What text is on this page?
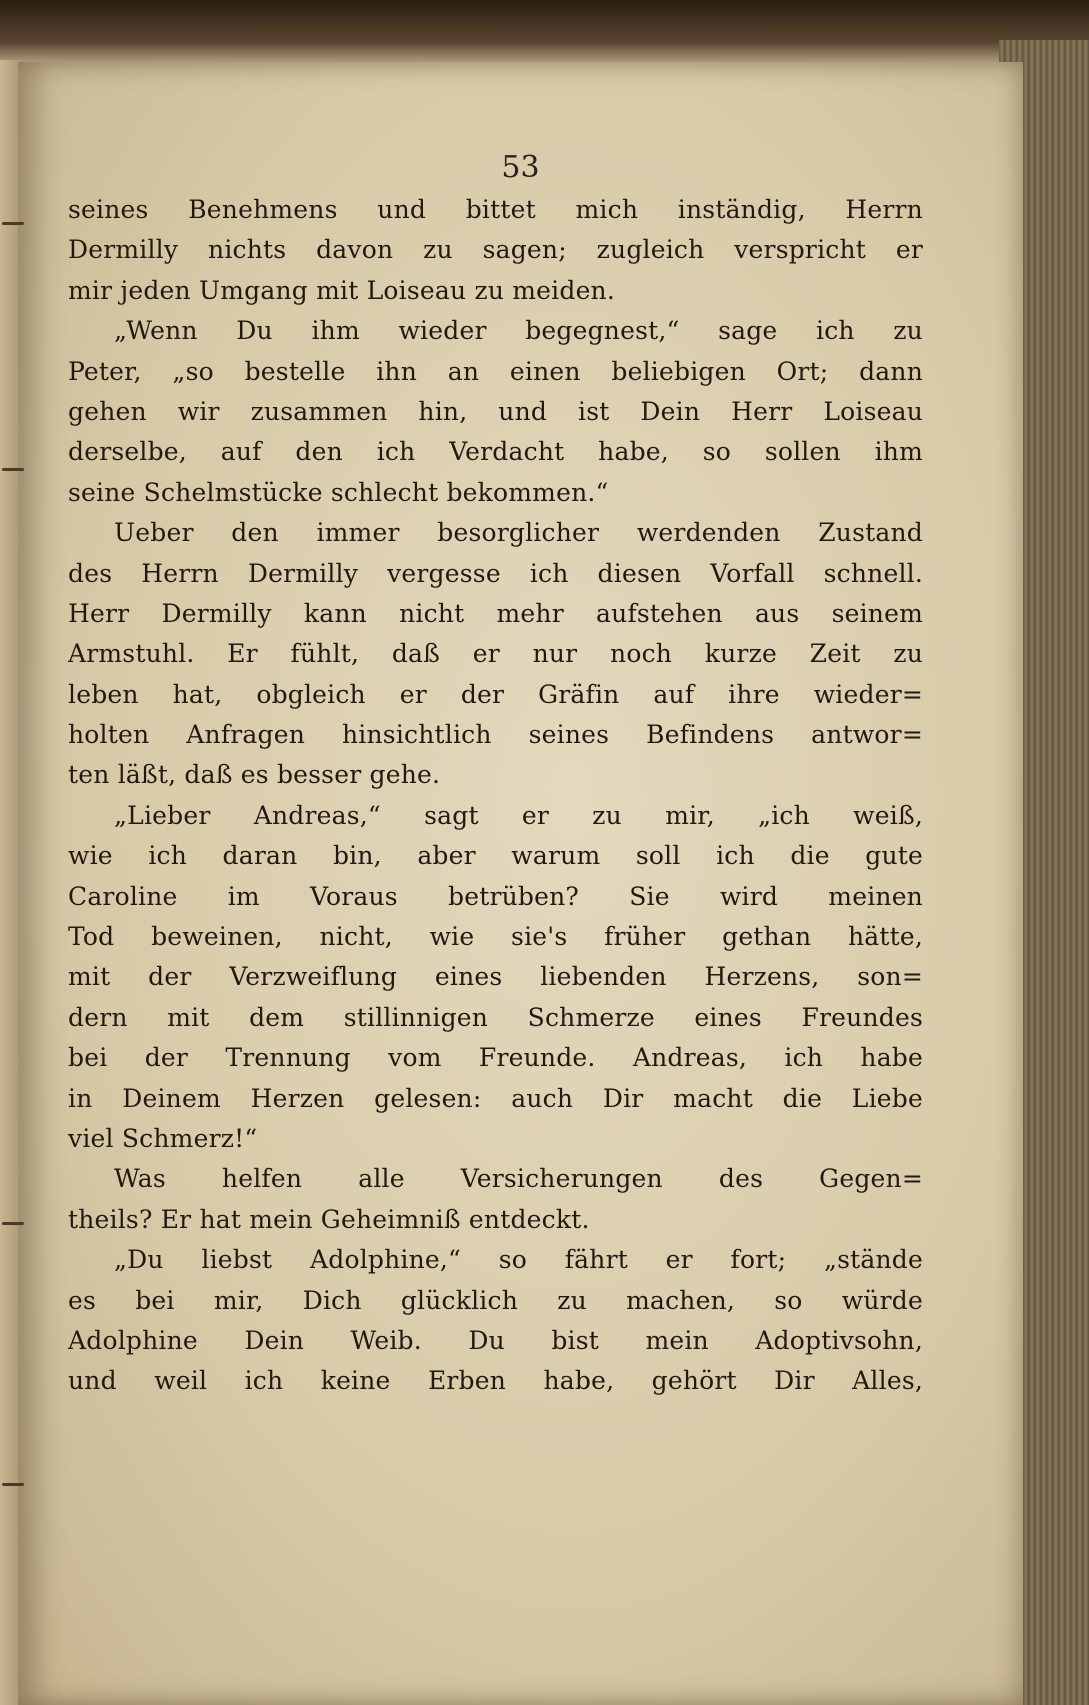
53
seines Benehmens und bittet mich inständig, Herrn
Dermilly nichts davon zu sagen; zugleich verspricht er
mir jeden Umgang mit Loiseau zu meiden.
„Wenn Du ihm wieder begegnest,“ sage ich zu
Peter, „so bestelle ihn an einen beliebigen Ort; dann
gehen wir zusammen hin, und ist Dein Herr Loiseau
derselbe, auf den ich Verdacht habe, so sollen ihm
seine Schelmstücke schlecht bekommen.“
Ueber den immer besorglicher werdenden Zustand
des Herrn Dermilly vergesse ich diesen Vorfall schnell.
Herr Dermilly kann nicht mehr aufstehen aus seinem
Armstuhl. Er fühlt, daß er nur noch kurze Zeit zu
leben hat, obgleich er der Gräfin auf ihre wieder=
holten Anfragen hinsichtlich seines Befindens antwor=
ten läßt, daß es besser gehe.
„Lieber Andreas,“ sagt er zu mir, „ich weiß,
wie ich daran bin, aber warum soll ich die gute
Caroline im Voraus betrüben? Sie wird meinen
Tod beweinen, nicht, wie sie's früher gethan hätte,
mit der Verzweiflung eines liebenden Herzens, son=
dern mit dem stillinnigen Schmerze eines Freundes
bei der Trennung vom Freunde. Andreas, ich habe
in Deinem Herzen gelesen: auch Dir macht die Liebe
viel Schmerz!“
Was helfen alle Versicherungen des Gegen=
theils? Er hat mein Geheimniß entdeckt.
„Du liebst Adolphine,“ so fährt er fort; „stände
es bei mir, Dich glücklich zu machen, so würde
Adolphine Dein Weib. Du bist mein Adoptivsohn,
und weil ich keine Erben habe, gehört Dir Alles,
